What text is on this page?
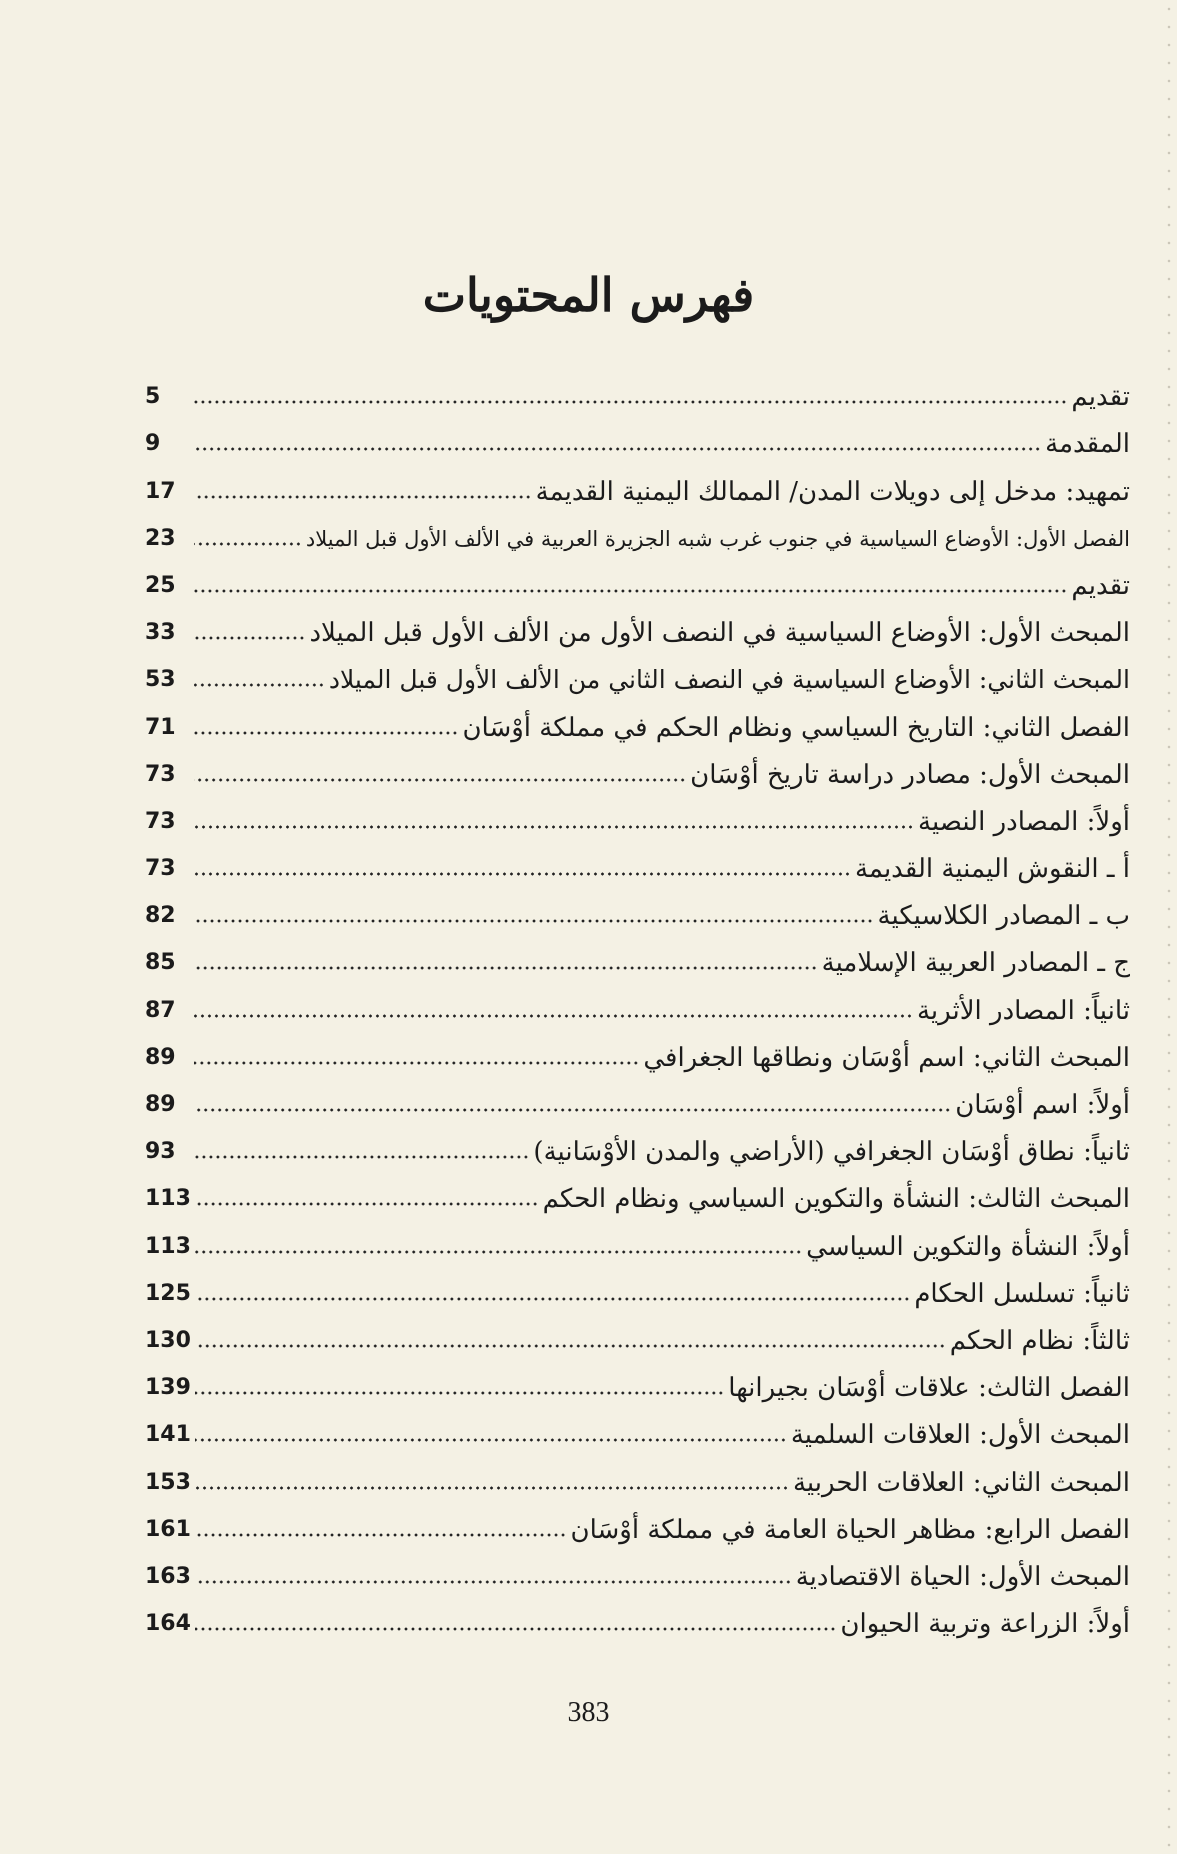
فهرس المحتويات
5	تقديم
9	المقدمة
17	تمهيد: مدخل إلى دويلات المدن/ الممالك اليمنية القديمة
23	الفصل الأول: الأوضاع السياسية في جنوب غرب شبه الجزيرة العربية في الألف الأول قبل الميلاد
25	تقديم
33	المبحث الأول: الأوضاع السياسية في النصف الأول من الألف الأول قبل الميلاد
53	المبحث الثاني: الأوضاع السياسية في النصف الثاني من الألف الأول قبل الميلاد
71	الفصل الثاني: التاريخ السياسي ونظام الحكم في مملكة أوْسَان
73	المبحث الأول: مصادر دراسة تاريخ أوْسَان
73	أولاً: المصادر النصية
73	أ ـ النقوش اليمنية القديمة
82	ب ـ المصادر الكلاسيكية
85	ج ـ المصادر العربية الإسلامية
87	ثانياً: المصادر الأثرية
89	المبحث الثاني: اسم أوْسَان ونطاقها الجغرافي
89	أولاً: اسم أوْسَان
93	ثانياً: نطاق أوْسَان الجغرافي (الأراضي والمدن الأوْسَانية)
113	المبحث الثالث: النشأة والتكوين السياسي ونظام الحكم
113	أولاً: النشأة والتكوين السياسي
125	ثانياً: تسلسل الحكام
130	ثالثاً: نظام الحكم
139	الفصل الثالث: علاقات أوْسَان بجيرانها
141	المبحث الأول: العلاقات السلمية
153	المبحث الثاني: العلاقات الحربية
161	الفصل الرابع: مظاهر الحياة العامة في مملكة أوْسَان
163	المبحث الأول: الحياة الاقتصادية
164	أولاً: الزراعة وتربية الحيوان
383
